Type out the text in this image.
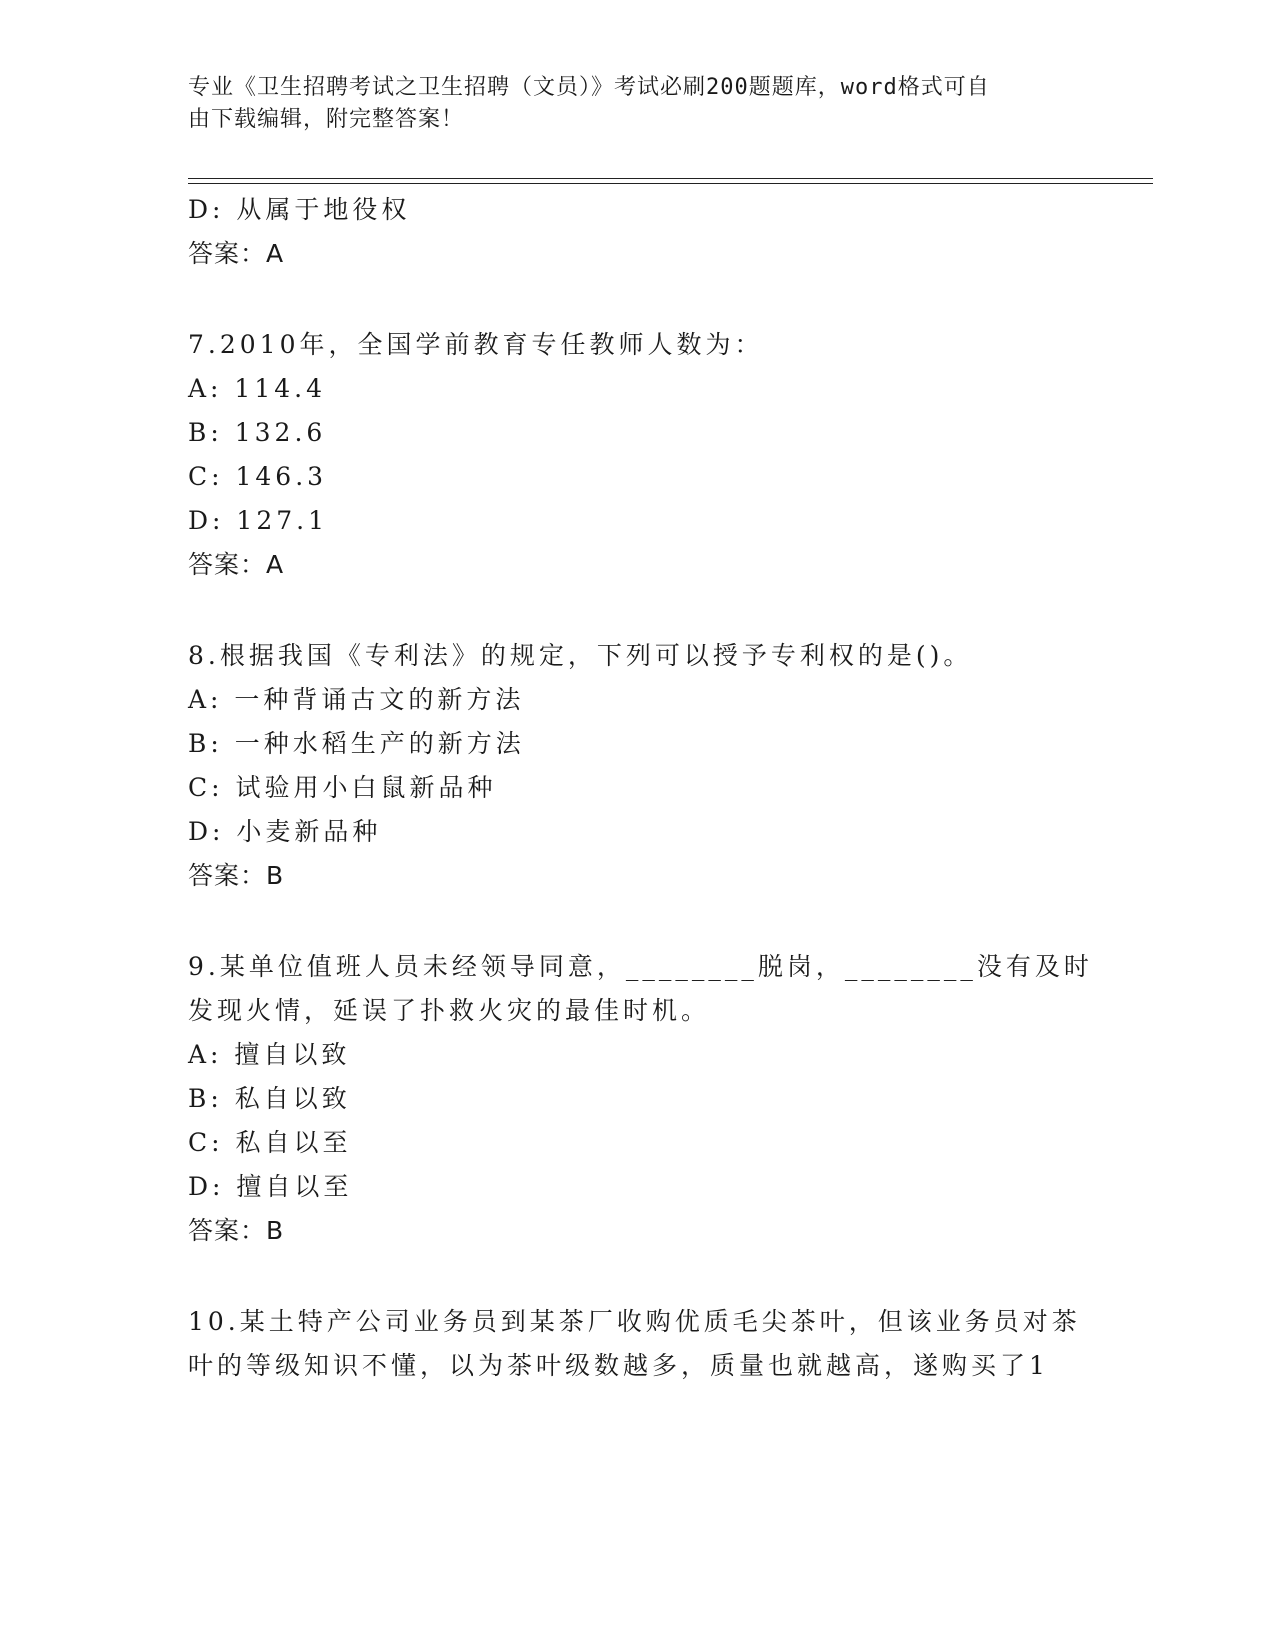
专业《卫生招聘考试之卫生招聘（文员）》考试必刷200题题库，word格式可自
由下载编辑，附完整答案！
D: 从属于地役权
答案：A
7.2010年，全国学前教育专任教师人数为：
A: 114.4
B: 132.6
C: 146.3
D: 127.1
答案：A
8.根据我国《专利法》的规定，下列可以授予专利权的是()。
A: 一种背诵古文的新方法
B: 一种水稻生产的新方法
C: 试验用小白鼠新品种
D: 小麦新品种
答案：B
9.某单位值班人员未经领导同意，________脱岗，________没有及时
发现火情，延误了扑救火灾的最佳时机。
A: 擅自以致
B: 私自以致
C: 私自以至
D: 擅自以至
答案：B
10.某土特产公司业务员到某茶厂收购优质毛尖茶叶，但该业务员对茶
叶的等级知识不懂，以为茶叶级数越多，质量也就越高，遂购买了1
